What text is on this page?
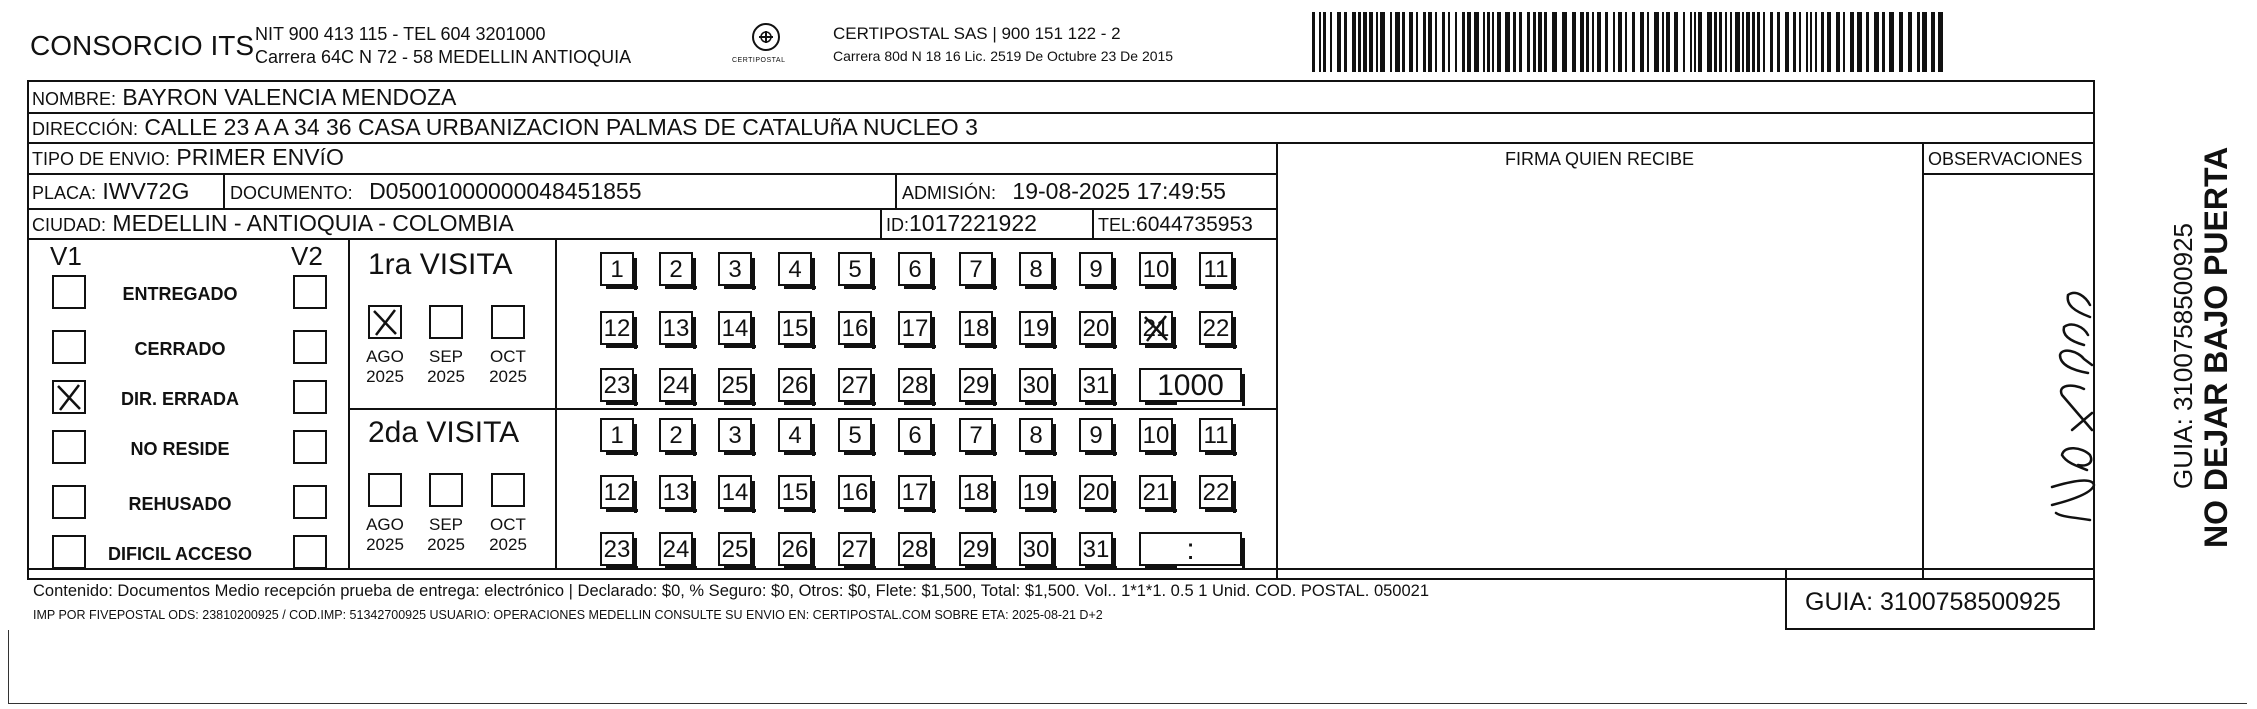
CONSORCIO ITS NIT 900 413 115 - TEL 604 3201000
Carrera 64C N 72 - 58 MEDELLIN ANTIOQUIA	CERTIPOSTAL
CERTIPOSTAL SAS | 900 151 122 - 2
Carrera 80d N 18 16 Lic. 2519 De Octubre 23 De 2015
NOMBRE: BAYRON VALENCIA MENDOZA
DIRECCIÓN: CALLE 23 A A 34 36 CASA URBANIZACION PALMAS DE CATALUñA NUCLEO 3
TIPO DE ENVIO: PRIMER ENVíO	FIRMA QUIEN RECIBE	OBSERVACIONES
PLACA: IWV72G DOCUMENTO: D05001000000048451855	ADMISIÓN: 19-08-2025 17:49:55
CIUDAD: MEDELLIN - ANTIOQUIA - COLOMBIA	ID:1017221922	TEL:6044735953
V1	V2 1ra VISITA
2da VISITA	NO DEJAR BAJO PUERTA
GUIA: 3100758500925
Contenido: Documentos Medio recepción prueba de entrega: electrónico | Declarado: $0, % Seguro: $0, Otros: $0, Flete: $1,500, Total: $1,500. Vol.. 1*1*1. 0.5 1 Unid. COD. POSTAL. 050021
IMP POR FIVEPOSTAL ODS: 23810200925 / COD.IMP: 51342700925 USUARIO: OPERACIONES MEDELLIN CONSULTE SU ENVIO EN: CERTIPOSTAL.COM SOBRE ETA: 2025-08-21 D+2	GUIA: 3100758500925
ENTREGADO
CERRADO
DIR. ERRADA
NO RESIDE
REHUSADO
DIFICIL ACCESO
AGO
2025
SEP
2025
OCT
2025
AGO
2025
SEP
2025
OCT
2025
1	2	3	4	5	6	7	8	9	10 11
12 13 14 15 16 17 18 19 20 21 22
23 24 25 26 27 28 29 30 31	1000
1	2	3	4	5	6	7	8	9	10 11
12 13 14 15 16 17 18 19 20 21 22
23 24 25 26 27 28 29 30 31	:
